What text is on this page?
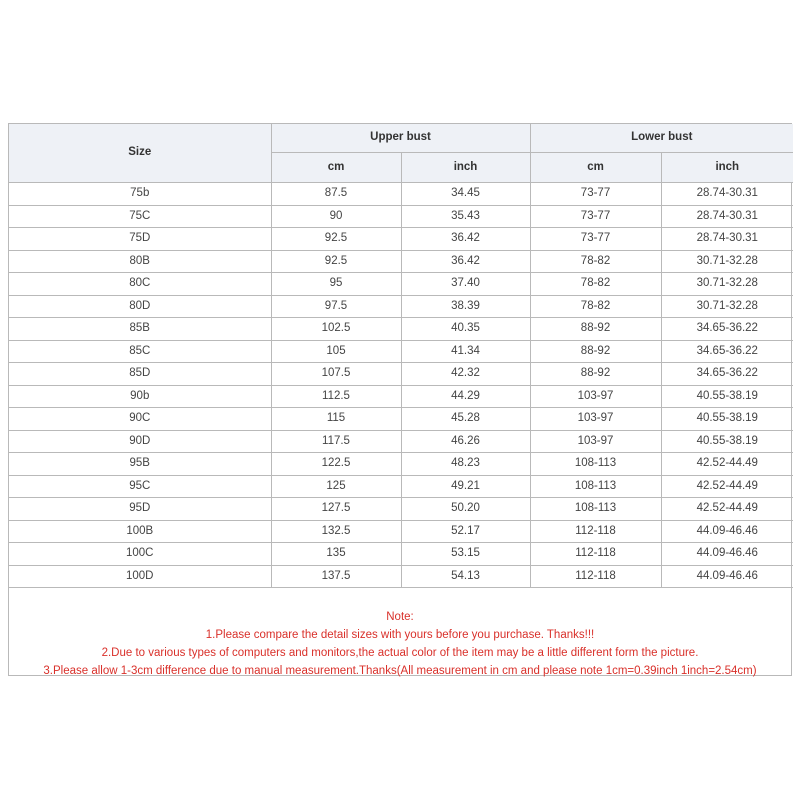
Size	Upper bust		Lower bust	
	cm	inch	cm	inch
75b	87.5	34.45	73-77	28.74-30.31
75C	90	35.43	73-77	28.74-30.31
75D	92.5	36.42	73-77	28.74-30.31
80B	92.5	36.42	78-82	30.71-32.28
80C	95	37.40	78-82	30.71-32.28
80D	97.5	38.39	78-82	30.71-32.28
85B	102.5	40.35	88-92	34.65-36.22
85C	105	41.34	88-92	34.65-36.22
85D	107.5	42.32	88-92	34.65-36.22
90b	112.5	44.29	103-97	40.55-38.19
90C	115	45.28	103-97	40.55-38.19
90D	117.5	46.26	103-97	40.55-38.19
95B	122.5	48.23	108-113	42.52-44.49
95C	125	49.21	108-113	42.52-44.49
95D	127.5	50.20	108-113	42.52-44.49
100B	132.5	52.17	112-118	44.09-46.46
100C	135	53.15	112-118	44.09-46.46
100D	137.5	54.13	112-118	44.09-46.46
Note:
1.Please compare the detail sizes with yours before you purchase. Thanks!!!
2.Due to various types of computers and monitors,the actual color of the item may be a little different form the picture.
3.Please allow 1-3cm difference due to manual measurement.Thanks(All measurement in cm and please note 1cm=0.39inch 1inch=2.54cm)
